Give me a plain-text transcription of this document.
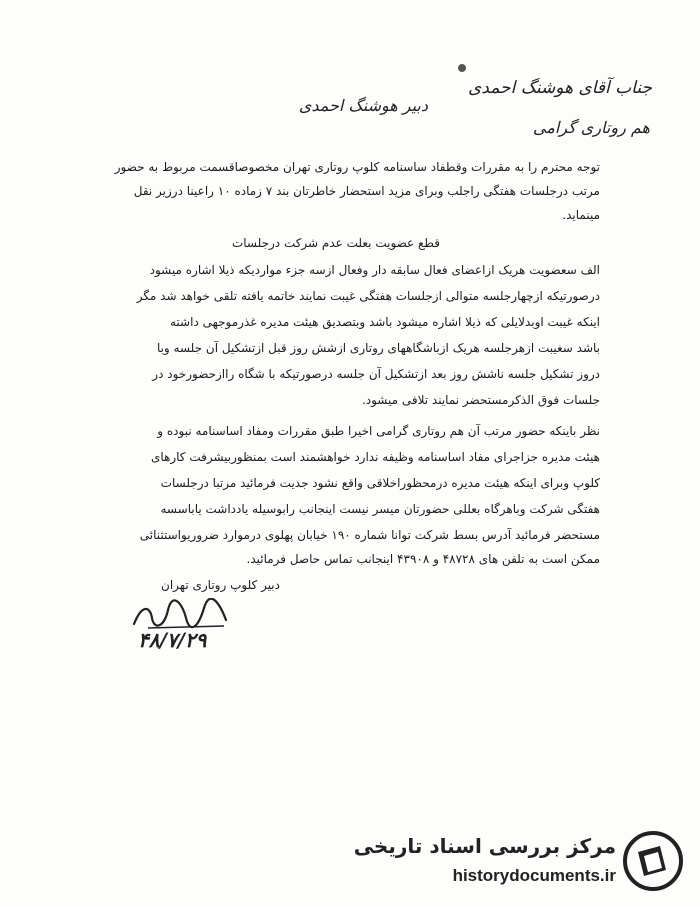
جناب آقای هوشنگ احمدی
هم روتاری گرامی
دبیر هوشنگ احمدی
توجه محترم را به مقررات وقطفاد ساسنامه کلوپ روتاری تهران مخصوصاقسمت مربوط به حضور
مرتب درجلسات هفتگی راجلب وبرای مزید استحضار خاطرتان بند ۷ زماده ۱۰ راعینا درزیر نقل
مینماید.
قطع عضویت بعلت عدم شرکت درجلسات
الف سعضویت هریک ازاعضای فعال سابقه دار وفعال ازسه جزء مواردیکه ذیلا اشاره میشود
درصورتیکه ازچهارجلسه متوالی ازجلسات هفتگی غیبت نمایند خاتمه یافته تلقی خواهد شد مگر
اینکه غیبت اوبدلایلی که ذیلا اشاره میشود باشد وبتصدیق هیئت مدیره غذرموجهی داشته
باشد سغیبت ازهرجلسه هریک ازباشگاههای روتاری ازشش روز قبل ازتشکیل آن جلسه وبا
دروز تشکیل جلسه ناشش روز بعد ازتشکیل آن جلسه درصورتیکه با شگاه راازحضورخود در
جلسات فوق الذکرمستحضر نمایند تلافی میشود.
نظر باینکه حضور مرتب آن هم روتاری گرامی اخیرا طبق مقررات ومفاد اساسنامه نبوده و
هیئت مدیره جزاجرای مفاد اساسنامه وظیفه ندارد خواهشمند است بمنظوربیشرفت کارهای
کلوپ وبرای اینکه هیئت مدیره درمحظوراخلاقی واقع نشود جدیت فرمائید مرتبا درجلسات
هفتگی شرکت وباهرگاه بعللی حضورتان میسر نیست اینجانب رابوسیله یادداشت یاباسسه
مستحضر فرمائید آدرس بسط شرکت توانا شماره ۱۹۰ خیابان پهلوی درموارد ضروریواستثنائی
ممکن است به تلفن های ۴۸۷۲۸ و ۴۳۹۰۸ اینجانب تماس حاصل فرمائید.
دبیر کلوپ روتاری تهران
۴۸/۷/۲۹
مرکز بررسی اسناد تاریخی
historydocuments.ir
